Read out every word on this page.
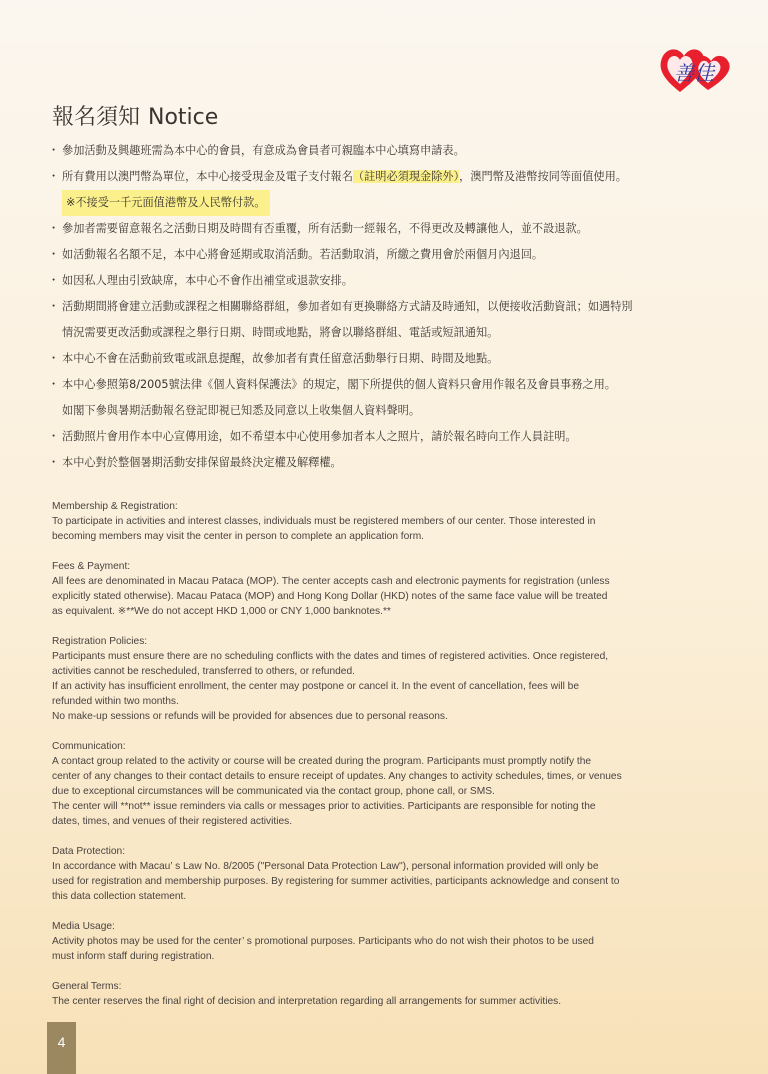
善佳
報名須知 Notice
・ 參加活動及興趣班需為本中心的會員，有意成為會員者可親臨本中心填寫申請表。
・ 所有費用以澳門幣為單位，本中心接受現金及電子支付報名（註明必須現金除外），澳門幣及港幣按同等面值使用。
※不接受一千元面值港幣及人民幣付款。
・ 參加者需要留意報名之活動日期及時間有否重覆，所有活動一經報名，不得更改及轉讓他人，並不設退款。
・ 如活動報名名額不足，本中心將會延期或取消活動。若活動取消，所繳之費用會於兩個月內退回。
・ 如因私人理由引致缺席，本中心不會作出補堂或退款安排。
・ 活動期間將會建立活動或課程之相關聯絡群組，參加者如有更換聯絡方式請及時通知，以便接收活動資訊；如遇特別
情況需要更改活動或課程之舉行日期、時間或地點，將會以聯絡群組、電話或短訊通知。
・ 本中心不會在活動前致電或訊息提醒，故參加者有責任留意活動舉行日期、時間及地點。
・ 本中心參照第8/2005號法律《個人資料保護法》的規定，閣下所提供的個人資料只會用作報名及會員事務之用。
如閣下參與暑期活動報名登記即視已知悉及同意以上收集個人資料聲明。
・ 活動照片會用作本中心宣傳用途，如不希望本中心使用參加者本人之照片，請於報名時向工作人員註明。
・ 本中心對於整個暑期活動安排保留最終決定權及解釋權。

Membership & Registration:

To participate in activities and interest classes, individuals must be registered members of our center. Those interested in

becoming members may visit the center in person to complete an application form.

Fees & Payment:

All fees are denominated in Macau Pataca (MOP). The center accepts cash and electronic payments for registration (unless

explicitly stated otherwise). Macau Pataca (MOP) and Hong Kong Dollar (HKD) notes of the same face value will be treated

as equivalent. ※**We do not accept HKD 1,000 or CNY 1,000 banknotes.**

Registration Policies:

Participants must ensure there are no scheduling conflicts with the dates and times of registered activities. Once registered,

activities cannot be rescheduled, transferred to others, or refunded.

If an activity has insufficient enrollment, the center may postpone or cancel it. In the event of cancellation, fees will be

refunded within two months.

No make-up sessions or refunds will be provided for absences due to personal reasons.

Communication:

A contact group related to the activity or course will be created during the program. Participants must promptly notify the

center of any changes to their contact details to ensure receipt of updates. Any changes to activity schedules, times, or venues

due to exceptional circumstances will be communicated via the contact group, phone call, or SMS.

The center will **not** issue reminders via calls or messages prior to activities. Participants are responsible for noting the

dates, times, and venues of their registered activities.

Data Protection:

In accordance with Macau’ s Law No. 8/2005 ("Personal Data Protection Law"), personal information provided will only be

used for registration and membership purposes. By registering for summer activities, participants acknowledge and consent to

this data collection statement.

Media Usage:

Activity photos may be used for the center’ s promotional purposes. Participants who do not wish their photos to be used

must inform staff during registration.

General Terms:

The center reserves the final right of decision and interpretation regarding all arrangements for summer activities.

4
